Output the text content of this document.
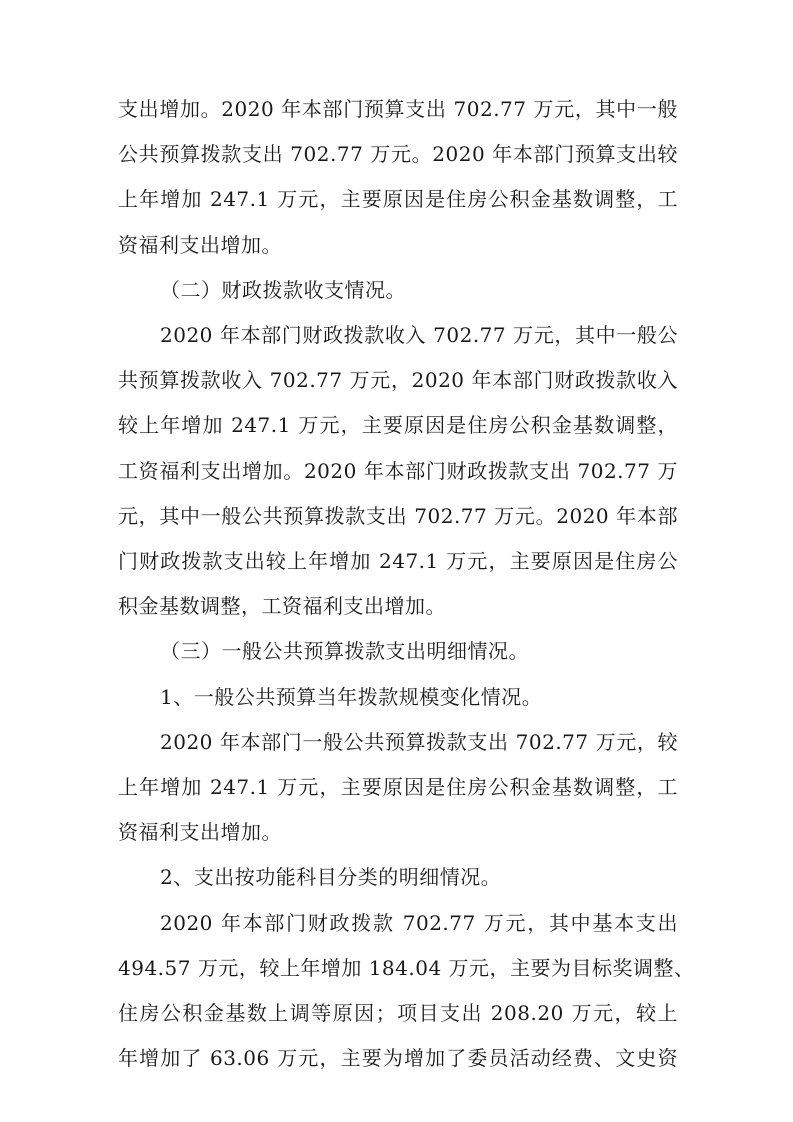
支出增加。2020 年本部门预算支出 702.77 万元，其中一般
公共预算拨款支出 702.77 万元。2020 年本部门预算支出较
上年增加 247.1 万元，主要原因是住房公积金基数调整，工
资福利支出增加。
（二）财政拨款收支情况。
2020 年本部门财政拨款收入 702.77 万元，其中一般公
共预算拨款收入 702.77 万元，2020 年本部门财政拨款收入
较上年增加 247.1 万元，主要原因是住房公积金基数调整，
工资福利支出增加。2020 年本部门财政拨款支出 702.77 万
元，其中一般公共预算拨款支出 702.77 万元。2020 年本部
门财政拨款支出较上年增加 247.1 万元，主要原因是住房公
积金基数调整，工资福利支出增加。
（三）一般公共预算拨款支出明细情况。
1、一般公共预算当年拨款规模变化情况。
2020 年本部门一般公共预算拨款支出 702.77 万元，较
上年增加 247.1 万元，主要原因是住房公积金基数调整，工
资福利支出增加。
2、支出按功能科目分类的明细情况。
2020 年本部门财政拨款 702.77 万元，其中基本支出
494.57 万元，较上年增加 184.04 万元，主要为目标奖调整、
住房公积金基数上调等原因；项目支出 208.20 万元，较上
年增加了 63.06 万元，主要为增加了委员活动经费、文史资
